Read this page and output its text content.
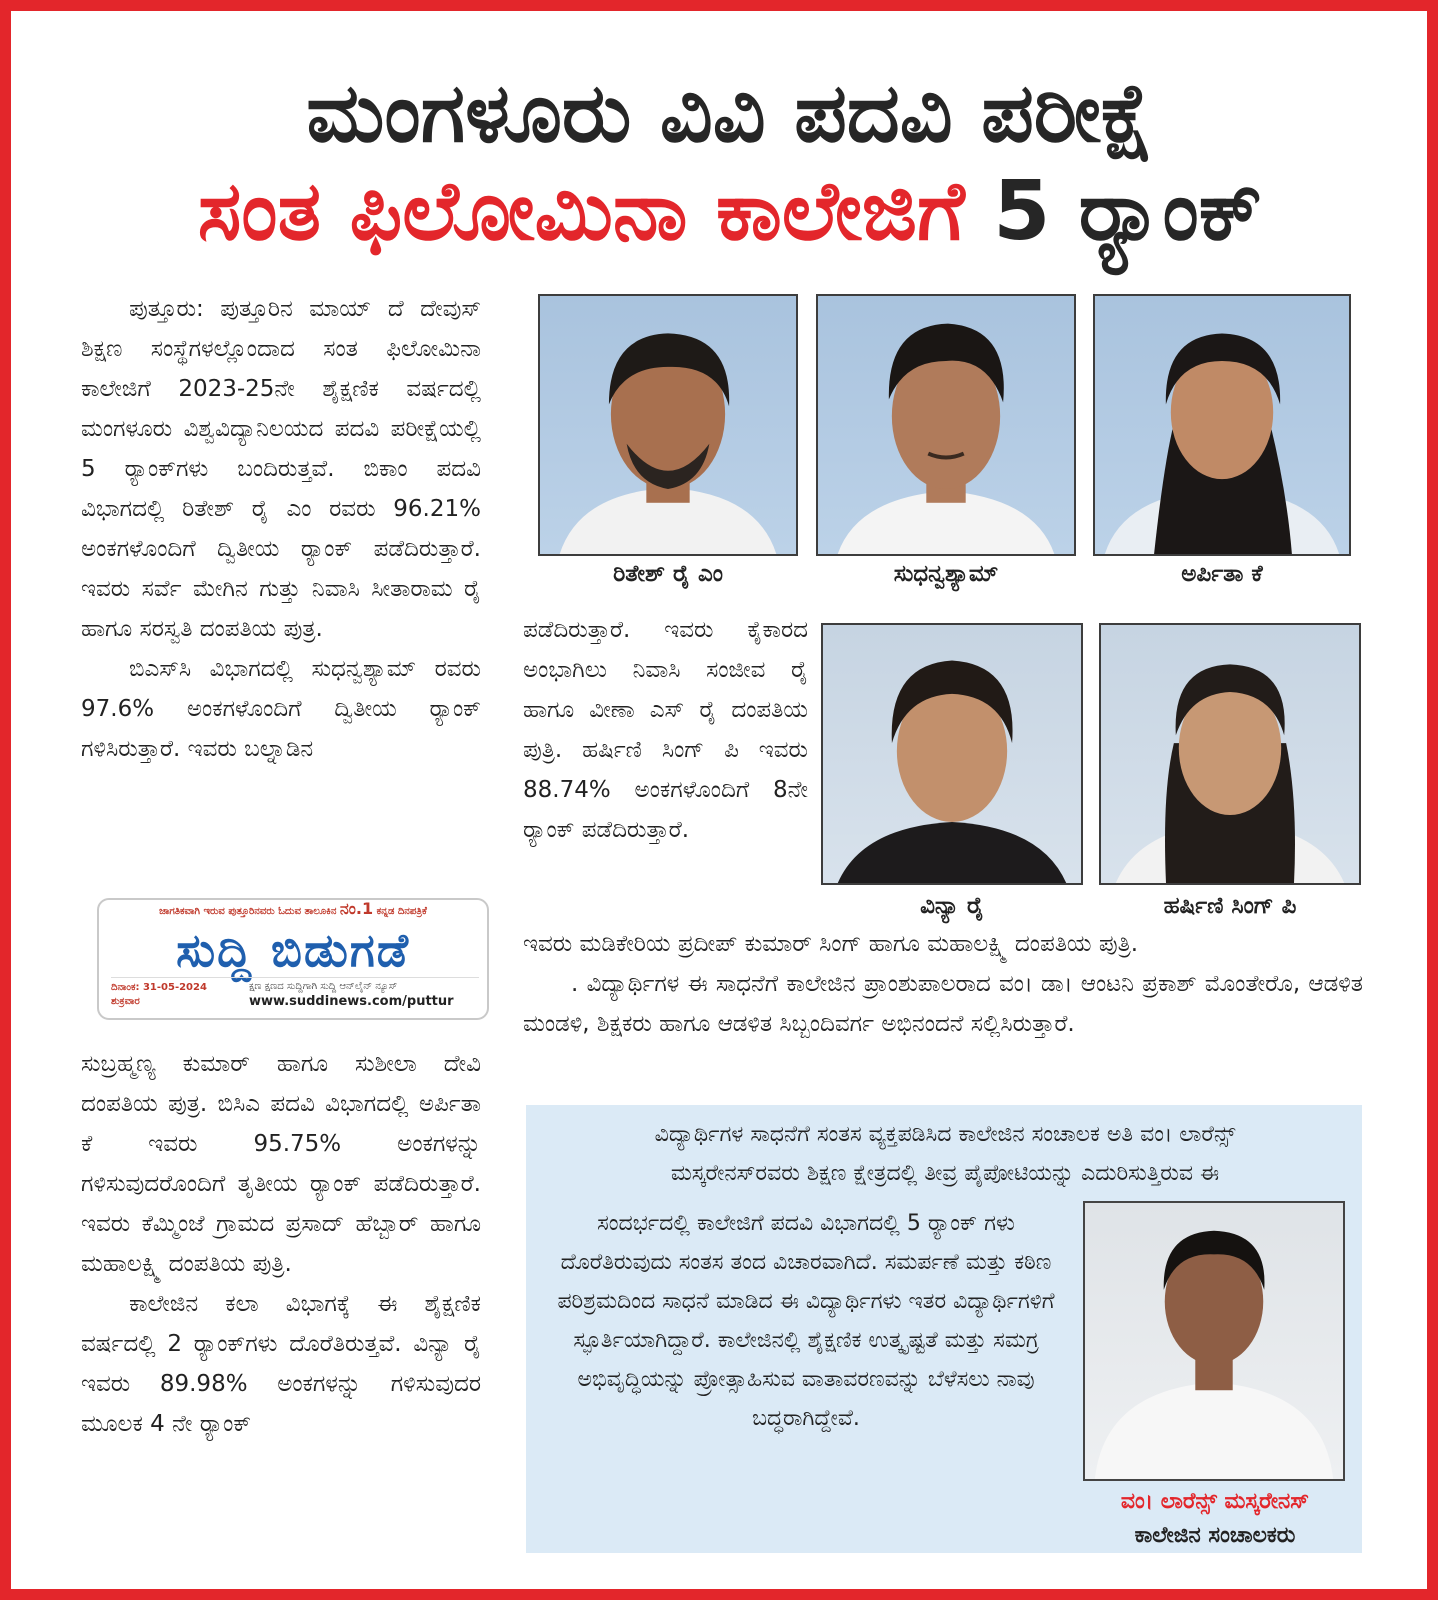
ಮಂಗಳೂರು ವಿವಿ ಪದವಿ ಪರೀಕ್ಷೆ
ಸಂತ ಫಿಲೋಮಿನಾ ಕಾಲೇಜಿಗೆ 5 ರ್‍ಯಾಂಕ್

ಪುತ್ತೂರು: ಪುತ್ತೂರಿನ ಮಾಯ್ ದೆ ದೇವುಸ್ ಶಿಕ್ಷಣ ಸಂಸ್ಥೆಗಳಲ್ಲೊಂದಾದ ಸಂತ ಫಿಲೋಮಿನಾ ಕಾಲೇಜಿಗೆ 2023-25ನೇ ಶೈಕ್ಷಣಿಕ ವರ್ಷದಲ್ಲಿ ಮಂಗಳೂರು ವಿಶ್ವವಿದ್ಯಾನಿಲಯದ ಪದವಿ ಪರೀಕ್ಷೆಯಲ್ಲಿ 5 ರ್‍ಯಾಂಕ್‌ಗಳು ಬಂದಿರುತ್ತವೆ. ಬಿಕಾಂ ಪದವಿ ವಿಭಾಗದಲ್ಲಿ ರಿತೇಶ್ ರೈ ಎಂ ರವರು 96.21% ಅಂಕಗಳೊಂದಿಗೆ ದ್ವಿತೀಯ ರ್‍ಯಾಂಕ್ ಪಡೆದಿರುತ್ತಾರೆ. ಇವರು ಸರ್ವೆ ಮೇಗಿನ ಗುತ್ತು ನಿವಾಸಿ ಸೀತಾರಾಮ ರೈ ಹಾಗೂ ಸರಸ್ವತಿ ದಂಪತಿಯ ಪುತ್ರ.

ಬಿಎಸ್‌ಸಿ ವಿಭಾಗದಲ್ಲಿ ಸುಧನ್ವಶ್ಯಾಮ್ ರವರು 97.6% ಅಂಕಗಳೊಂದಿಗೆ ದ್ವಿತೀಯ ರ್‍ಯಾಂಕ್ ಗಳಿಸಿರುತ್ತಾರೆ. ಇವರು ಬಲ್ನಾಡಿನ

ಜಾಗತಿಕವಾಗಿ ಇರುವ ಪುತ್ತೂರಿನವರು ಓದುವ ತಾಲೂಕಿನ ನಂ.1 ಕನ್ನಡ ದಿನಪತ್ರಿಕೆ
ಸುದ್ದಿ ಬಿಡುಗಡೆ
ದಿನಾಂಕ: 31-05-2024
ಶುಕ್ರವಾರ
ಕ್ಷಣ ಕ್ಷಣದ ಸುದ್ದಿಗಾಗಿ ಸುದ್ದಿ ಆನ್‌ಲೈನ್ ನ್ಯೂಸ್
www.suddinews.com/puttur

ಸುಬ್ರಹ್ಮಣ್ಯ ಕುಮಾರ್ ಹಾಗೂ ಸುಶೀಲಾ ದೇವಿ ದಂಪತಿಯ ಪುತ್ರ. ಬಿಸಿಎ ಪದವಿ ವಿಭಾಗದಲ್ಲಿ ಅರ್ಪಿತಾ ಕೆ ಇವರು 95.75% ಅಂಕಗಳನ್ನು ಗಳಿಸುವುದರೊಂದಿಗೆ ತೃತೀಯ ರ್‍ಯಾಂಕ್ ಪಡೆದಿರುತ್ತಾರೆ. ಇವರು ಕೆಮ್ಮಿಂಜೆ ಗ್ರಾಮದ ಪ್ರಸಾದ್ ಹೆಬ್ಬಾರ್ ಹಾಗೂ ಮಹಾಲಕ್ಷ್ಮಿ ದಂಪತಿಯ ಪುತ್ರಿ.

ಕಾಲೇಜಿನ ಕಲಾ ವಿಭಾಗಕ್ಕೆ ಈ ಶೈಕ್ಷಣಿಕ ವರ್ಷದಲ್ಲಿ 2 ರ್‍ಯಾಂಕ್‌ಗಳು ದೊರೆತಿರುತ್ತವೆ. ವಿನ್ಯಾ ರೈ ಇವರು 89.98% ಅಂಕಗಳನ್ನು ಗಳಿಸುವುದರ ಮೂಲಕ 4 ನೇ ರ್‍ಯಾಂಕ್

ರಿತೇಶ್ ರೈ ಎಂ	ಸುಧನ್ವಶ್ಯಾಮ್	ಅರ್ಪಿತಾ ಕೆ

ಪಡೆದಿರುತ್ತಾರೆ. ಇವರು ಕೈಕಾರದ ಅಂಭಾಗಿಲು ನಿವಾಸಿ ಸಂಜೀವ ರೈ ಹಾಗೂ ವೀಣಾ ಎಸ್ ರೈ ದಂಪತಿಯ ಪುತ್ರಿ. ಹರ್ಷಿಣಿ ಸಿಂಗ್ ಪಿ ಇವರು 88.74% ಅಂಕಗಳೊಂದಿಗೆ 8ನೇ ರ್‍ಯಾಂಕ್ ಪಡೆದಿರುತ್ತಾರೆ.

ವಿನ್ಯಾ ರೈ	ಹರ್ಷಿಣಿ ಸಿಂಗ್ ಪಿ

ಇವರು ಮಡಿಕೇರಿಯ ಪ್ರದೀಪ್ ಕುಮಾರ್ ಸಿಂಗ್ ಹಾಗೂ ಮಹಾಲಕ್ಷ್ಮಿ ದಂಪತಿಯ ಪುತ್ರಿ.

. ವಿದ್ಯಾರ್ಥಿಗಳ ಈ ಸಾಧನೆಗೆ ಕಾಲೇಜಿನ ಪ್ರಾಂಶುಪಾಲರಾದ ವಂ। ಡಾ। ಆಂಟನಿ ಪ್ರಕಾಶ್ ಮೊಂತೇರೊ, ಆಡಳಿತ ಮಂಡಳಿ, ಶಿಕ್ಷಕರು ಹಾಗೂ ಆಡಳಿತ ಸಿಬ್ಬಂದಿವರ್ಗ ಅಭಿನಂದನೆ ಸಲ್ಲಿಸಿರುತ್ತಾರೆ.

ವಿದ್ಯಾರ್ಥಿಗಳ ಸಾಧನೆಗೆ ಸಂತಸ ವ್ಯಕ್ತಪಡಿಸಿದ ಕಾಲೇಜಿನ ಸಂಚಾಲಕ ಅತಿ ವಂ। ಲಾರೆನ್ಸ್
ಮಸ್ಕರೇನಸ್‌ರವರು ಶಿಕ್ಷಣ ಕ್ಷೇತ್ರದಲ್ಲಿ ತೀವ್ರ ಪೈಪೋಟಿಯನ್ನು ಎದುರಿಸುತ್ತಿರುವ ಈ
ಸಂದರ್ಭದಲ್ಲಿ ಕಾಲೇಜಿಗೆ ಪದವಿ ವಿಭಾಗದಲ್ಲಿ 5 ರ್‍ಯಾಂಕ್ ಗಳು ದೊರೆತಿರುವುದು ಸಂತಸ ತಂದ ವಿಚಾರವಾಗಿದೆ. ಸಮರ್ಪಣೆ ಮತ್ತು ಕಠಿಣ ಪರಿಶ್ರಮದಿಂದ ಸಾಧನೆ ಮಾಡಿದ ಈ ವಿದ್ಯಾರ್ಥಿಗಳು ಇತರ ವಿದ್ಯಾರ್ಥಿಗಳಿಗೆ ಸ್ಫೂರ್ತಿಯಾಗಿದ್ದಾರೆ. ಕಾಲೇಜಿನಲ್ಲಿ ಶೈಕ್ಷಣಿಕ ಉತ್ಕೃಷ್ಟತೆ ಮತ್ತು ಸಮಗ್ರ ಅಭಿವೃದ್ಧಿಯನ್ನು ಪ್ರೋತ್ಸಾಹಿಸುವ ವಾತಾವರಣವನ್ನು ಬೆಳೆಸಲು ನಾವು ಬದ್ಧರಾಗಿದ್ದೇವೆ.
ವಂ। ಲಾರೆನ್ಸ್ ಮಸ್ಕರೇನಸ್
ಕಾಲೇಜಿನ ಸಂಚಾಲಕರು
